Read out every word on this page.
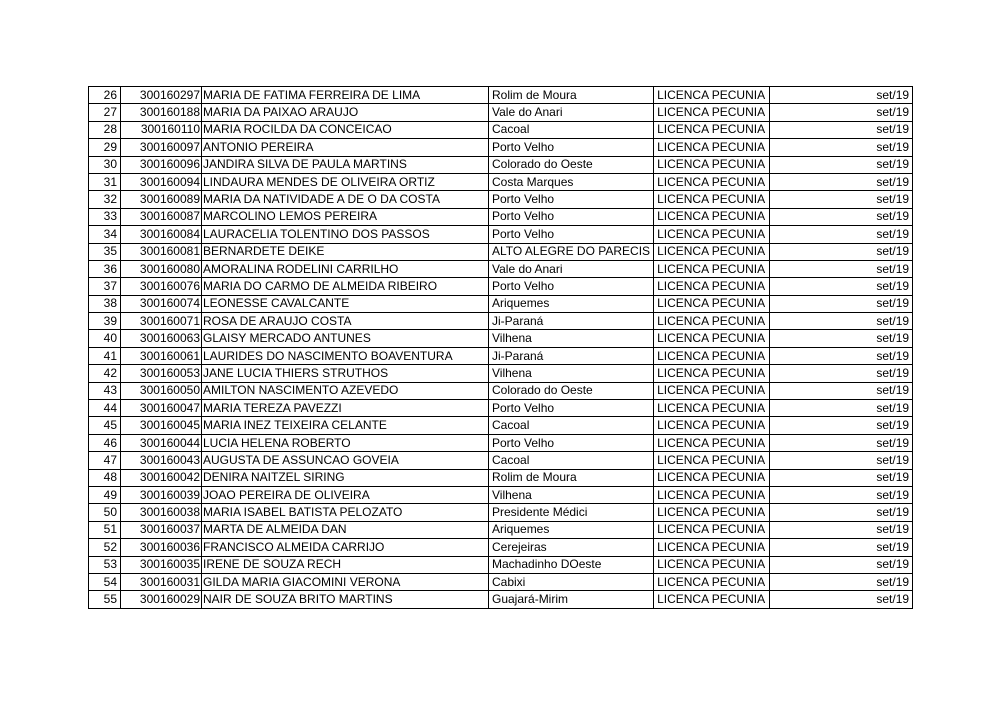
26	300160297	MARIA DE FATIMA FERREIRA DE LIMA	Rolim de Moura	LICENCA PECUNIA	set/19
27	300160188	MARIA DA PAIXAO ARAUJO	Vale do Anari	LICENCA PECUNIA	set/19
28	300160110	MARIA ROCILDA DA CONCEICAO	Cacoal	LICENCA PECUNIA	set/19
29	300160097	ANTONIO PEREIRA	Porto Velho	LICENCA PECUNIA	set/19
30	300160096	JANDIRA SILVA DE PAULA MARTINS	Colorado do Oeste	LICENCA PECUNIA	set/19
31	300160094	LINDAURA MENDES DE OLIVEIRA ORTIZ	Costa Marques	LICENCA PECUNIA	set/19
32	300160089	MARIA DA NATIVIDADE A DE O DA COSTA	Porto Velho	LICENCA PECUNIA	set/19
33	300160087	MARCOLINO LEMOS PEREIRA	Porto Velho	LICENCA PECUNIA	set/19
34	300160084	LAURACELIA TOLENTINO DOS PASSOS	Porto Velho	LICENCA PECUNIA	set/19
35	300160081	BERNARDETE DEIKE	ALTO ALEGRE DO PARECIS	LICENCA PECUNIA	set/19
36	300160080	AMORALINA RODELINI CARRILHO	Vale do Anari	LICENCA PECUNIA	set/19
37	300160076	MARIA DO CARMO DE ALMEIDA RIBEIRO	Porto Velho	LICENCA PECUNIA	set/19
38	300160074	LEONESSE CAVALCANTE	Ariquemes	LICENCA PECUNIA	set/19
39	300160071	ROSA DE ARAUJO COSTA	Ji-Paraná	LICENCA PECUNIA	set/19
40	300160063	GLAISY MERCADO ANTUNES	Vilhena	LICENCA PECUNIA	set/19
41	300160061	LAURIDES DO NASCIMENTO BOAVENTURA	Ji-Paraná	LICENCA PECUNIA	set/19
42	300160053	JANE LUCIA THIERS STRUTHOS	Vilhena	LICENCA PECUNIA	set/19
43	300160050	AMILTON NASCIMENTO AZEVEDO	Colorado do Oeste	LICENCA PECUNIA	set/19
44	300160047	MARIA TEREZA PAVEZZI	Porto Velho	LICENCA PECUNIA	set/19
45	300160045	MARIA INEZ TEIXEIRA CELANTE	Cacoal	LICENCA PECUNIA	set/19
46	300160044	LUCIA HELENA ROBERTO	Porto Velho	LICENCA PECUNIA	set/19
47	300160043	AUGUSTA DE ASSUNCAO GOVEIA	Cacoal	LICENCA PECUNIA	set/19
48	300160042	DENIRA NAITZEL SIRING	Rolim de Moura	LICENCA PECUNIA	set/19
49	300160039	JOAO PEREIRA DE OLIVEIRA	Vilhena	LICENCA PECUNIA	set/19
50	300160038	MARIA ISABEL BATISTA PELOZATO	Presidente Médici	LICENCA PECUNIA	set/19
51	300160037	MARTA DE ALMEIDA DAN	Ariquemes	LICENCA PECUNIA	set/19
52	300160036	FRANCISCO ALMEIDA CARRIJO	Cerejeiras	LICENCA PECUNIA	set/19
53	300160035	IRENE DE SOUZA RECH	Machadinho DOeste	LICENCA PECUNIA	set/19
54	300160031	GILDA MARIA GIACOMINI VERONA	Cabixi	LICENCA PECUNIA	set/19
55	300160029	NAIR DE SOUZA BRITO MARTINS	Guajará-Mirim	LICENCA PECUNIA	set/19
